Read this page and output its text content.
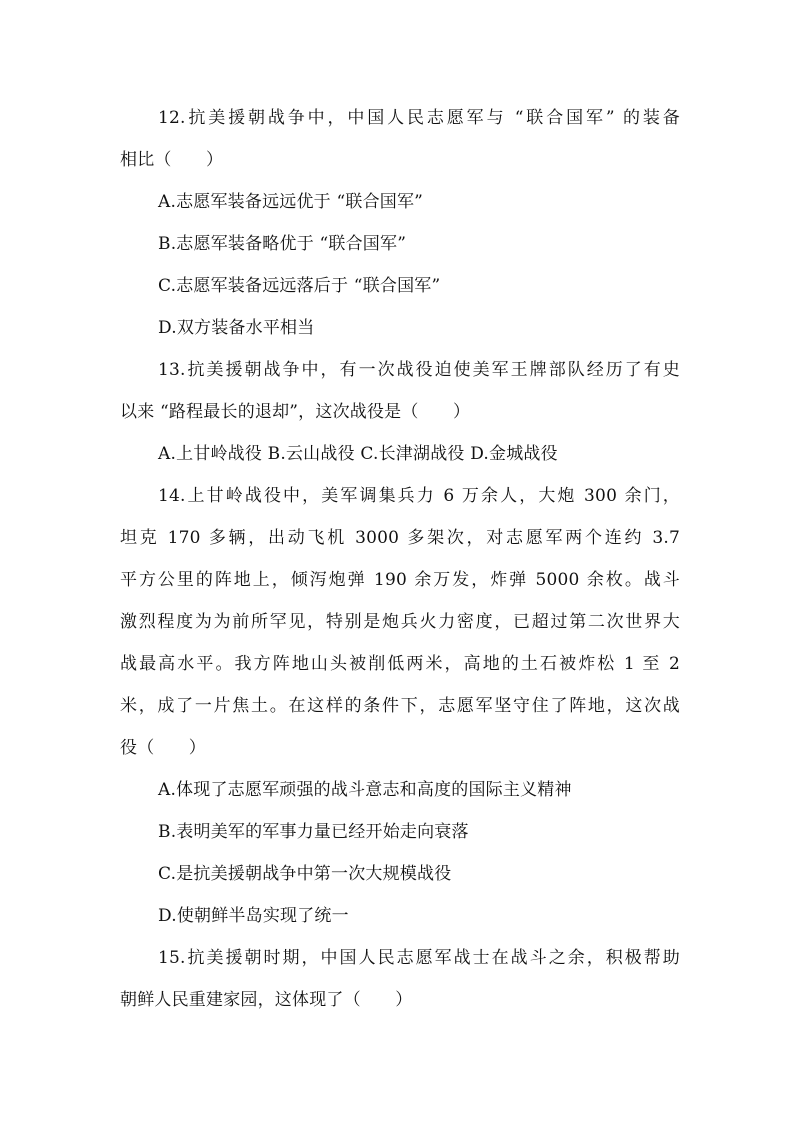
12.抗美援朝战争中，中国人民志愿军与 “联合国军” 的装备
相比（　　）
A.志愿军装备远远优于 “联合国军”
B.志愿军装备略优于 “联合国军”
C.志愿军装备远远落后于 “联合国军”
D.双方装备水平相当
13.抗美援朝战争中，有一次战役迫使美军王牌部队经历了有史
以来 “路程最长的退却”，这次战役是（　　）
A.上甘岭战役 B.云山战役 C.长津湖战役 D.金城战役
14.上甘岭战役中，美军调集兵力 6 万余人，大炮 300 余门，
坦克 170 多辆，出动飞机 3000 多架次，对志愿军两个连约 3.7
平方公里的阵地上，倾泻炮弹 190 余万发，炸弹 5000 余枚。战斗
激烈程度为为前所罕见，特别是炮兵火力密度，已超过第二次世界大
战最高水平。我方阵地山头被削低两米，高地的土石被炸松 1 至 2
米，成了一片焦土。在这样的条件下，志愿军坚守住了阵地，这次战
役（　　）
A.体现了志愿军顽强的战斗意志和高度的国际主义精神
B.表明美军的军事力量已经开始走向衰落
C.是抗美援朝战争中第一次大规模战役
D.使朝鲜半岛实现了统一
15.抗美援朝时期，中国人民志愿军战士在战斗之余，积极帮助
朝鲜人民重建家园，这体现了（　　）
